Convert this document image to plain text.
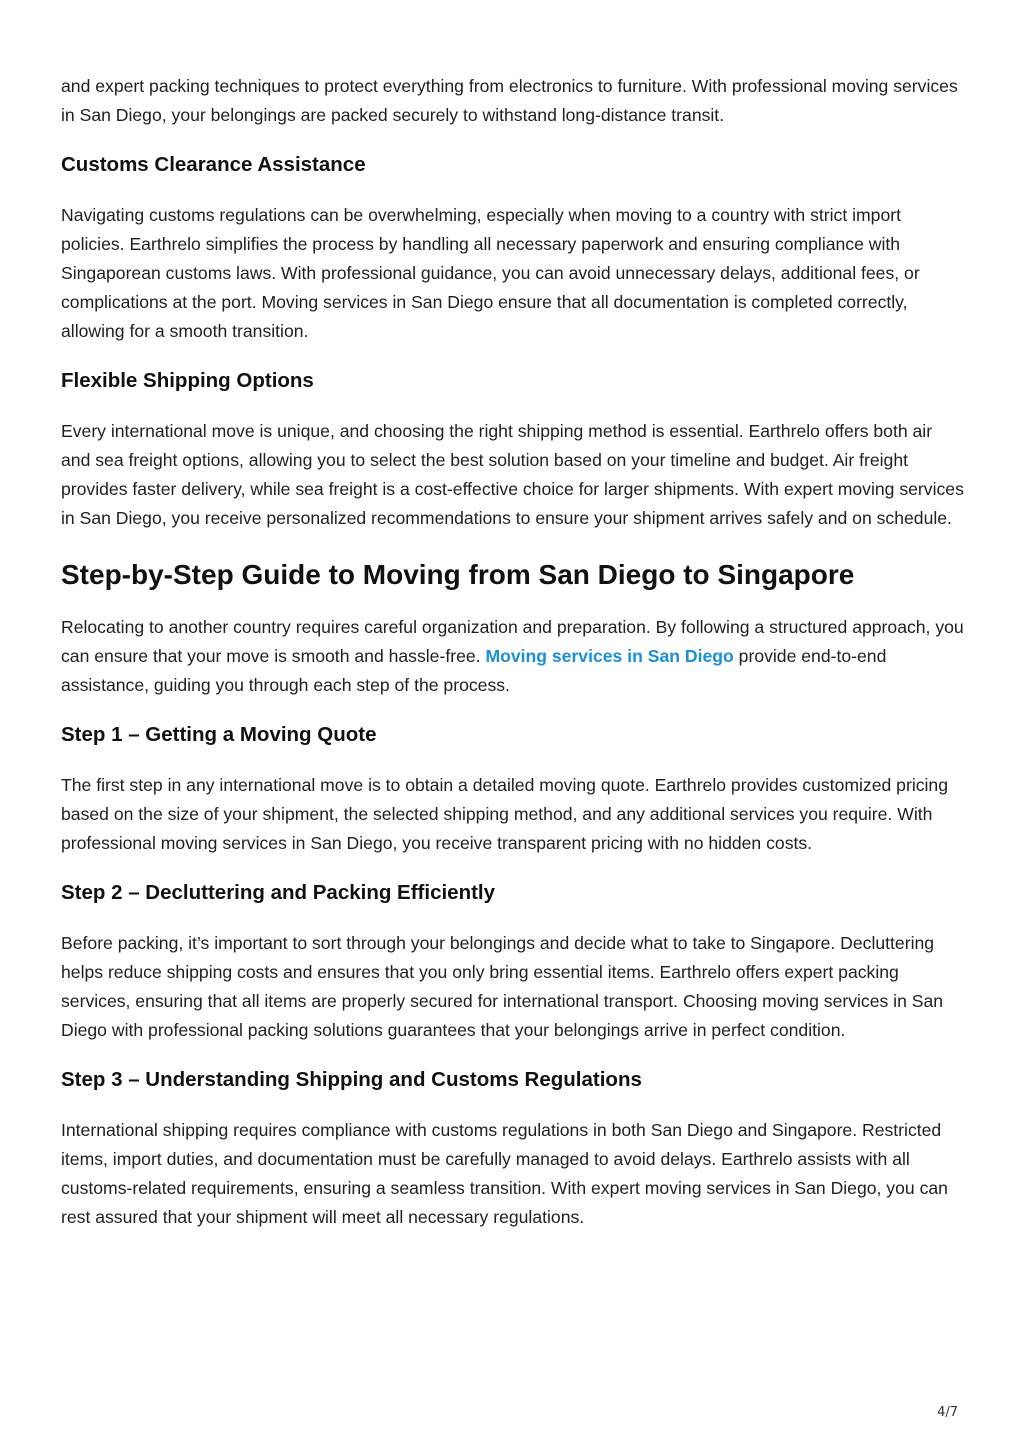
and expert packing techniques to protect everything from electronics to furniture. With professional moving services in San Diego, your belongings are packed securely to withstand long-distance transit.

Customs Clearance Assistance

Navigating customs regulations can be overwhelming, especially when moving to a country with strict import policies. Earthrelo simplifies the process by handling all necessary paperwork and ensuring compliance with Singaporean customs laws. With professional guidance, you can avoid unnecessary delays, additional fees, or complications at the port. Moving services in San Diego ensure that all documentation is completed correctly, allowing for a smooth transition.

Flexible Shipping Options

Every international move is unique, and choosing the right shipping method is essential. Earthrelo offers both air and sea freight options, allowing you to select the best solution based on your timeline and budget. Air freight provides faster delivery, while sea freight is a cost-effective choice for larger shipments. With expert moving services in San Diego, you receive personalized recommendations to ensure your shipment arrives safely and on schedule.

Step-by-Step Guide to Moving from San Diego to Singapore

Relocating to another country requires careful organization and preparation. By following a structured approach, you can ensure that your move is smooth and hassle-free. Moving services in San Diego provide end-to-end assistance, guiding you through each step of the process.

Step 1 – Getting a Moving Quote

The first step in any international move is to obtain a detailed moving quote. Earthrelo provides customized pricing based on the size of your shipment, the selected shipping method, and any additional services you require. With professional moving services in San Diego, you receive transparent pricing with no hidden costs.

Step 2 – Decluttering and Packing Efficiently

Before packing, it’s important to sort through your belongings and decide what to take to Singapore. Decluttering helps reduce shipping costs and ensures that you only bring essential items. Earthrelo offers expert packing services, ensuring that all items are properly secured for international transport. Choosing moving services in San Diego with professional packing solutions guarantees that your belongings arrive in perfect condition.

Step 3 – Understanding Shipping and Customs Regulations

International shipping requires compliance with customs regulations in both San Diego and Singapore. Restricted items, import duties, and documentation must be carefully managed to avoid delays. Earthrelo assists with all customs-related requirements, ensuring a seamless transition. With expert moving services in San Diego, you can rest assured that your shipment will meet all necessary regulations.

4/7
